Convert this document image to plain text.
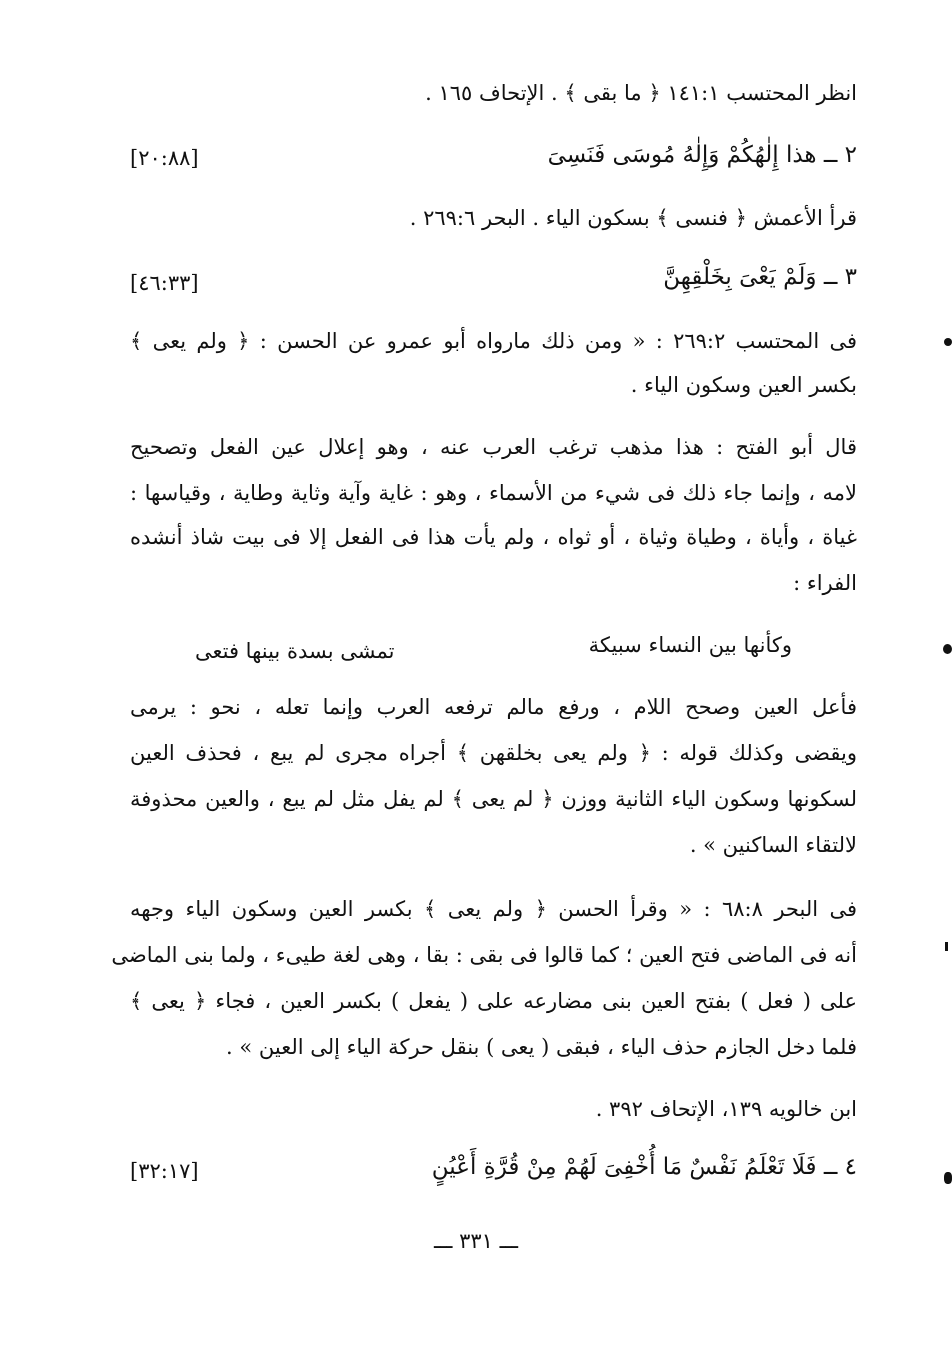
انظر المحتسب ١٤١:١ ﴿ ما بقى ﴾ . الإتحاف ١٦٥ .
٢ ــ هذا إِلٰهُكُمْ وَإِلٰهُ مُوسَى فَنَسِىَ
[٢٠:٨٨]
قرأ الأعمش ﴿ فنسى ﴾ بسكون الياء . البحر ٢٦٩:٦ .
٣ ــ وَلَمْ يَعْىَ بِخَلْقِهِنَّ
[٤٦:٣٣]
فى المحتسب ٢٦٩:٢ : « ومن ذلك مارواه أبو عمرو عن الحسن : ﴿ ولم يعى ﴾
بكسر العين وسكون الياء .
قال أبو الفتح : هذا مذهب ترغب العرب عنه ، وهو إعلال عين الفعل وتصحيح
لامه ، وإنما جاء ذلك فى شيء من الأسماء ، وهو : غاية وآية وثاية وطاية ، وقياسها :
غياة ، وأياة ، وطياة وثياة ، أو ثواه ، ولم يأت هذا فى الفعل إلا فى بيت شاذ أنشده
الفراء :
وكأنها بين النساء سبيكة
تمشى بسدة بينها فتعى
فأعل العين وصحح اللام ، ورفع مالم ترفعه العرب وإنما تعله ، نحو : يرمى
ويقضى وكذلك قوله : ﴿ ولم يعى بخلقهن ﴾ أجراه مجرى لم يبع ، فحذف العين
لسكونها وسكون الياء الثانية ووزن ﴿ لم يعى ﴾ لم يفل مثل لم يبع ، والعين محذوفة
لالتقاء الساكنين » .
فى البحر ٦٨:٨ : « وقرأ الحسن ﴿ ولم يعى ﴾ بكسر العين وسكون الياء وجهه
أنه فى الماضى فتح العين ؛ كما قالوا فى بقى : بقا ، وهى لغة طيىء ، ولما بنى الماضى
على ( فعل ) بفتح العين بنى مضارعه على ( يفعل ) بكسر العين ، فجاء ﴿ يعى ﴾
فلما دخل الجازم حذف الياء ، فبقى ( يعى ) بنقل حركة الياء إلى العين » .
ابن خالويه ١٣٩، الإتحاف ٣٩٢ .
٤ ــ فَلَا تَعْلَمُ نَفْسٌ مَا أُخْفِىَ لَهُمْ مِنْ قُرَّةِ أَعْيُنٍ
[٣٢:١٧]
ـــ ٣٣١ ـــ
